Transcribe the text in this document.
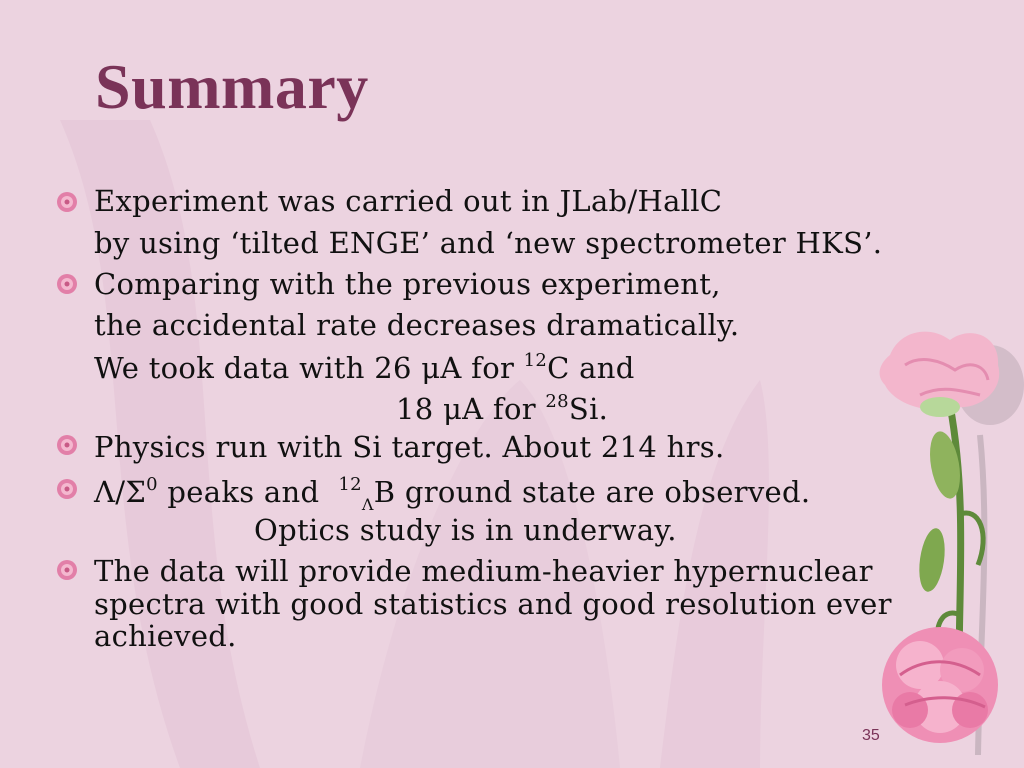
Summary
Experiment was carried out in JLab/HallC
by using ‘tilted ENGE’ and ‘new spectrometer HKS’.
Comparing with the previous experiment,
the accidental rate decreases dramatically.
We took data with 26 μA for $^{12}$C and
18 μA for $^{28}$Si.
Physics run with Si target. About 214 hrs.
$\Lambda/\Sigma^0$ peaks and  $^{12}_\Lambda$B ground state are observed.
Optics study is in underway.
The data will provide medium-heavier hypernuclear
spectra with good statistics and good resolution ever
achieved.
35
